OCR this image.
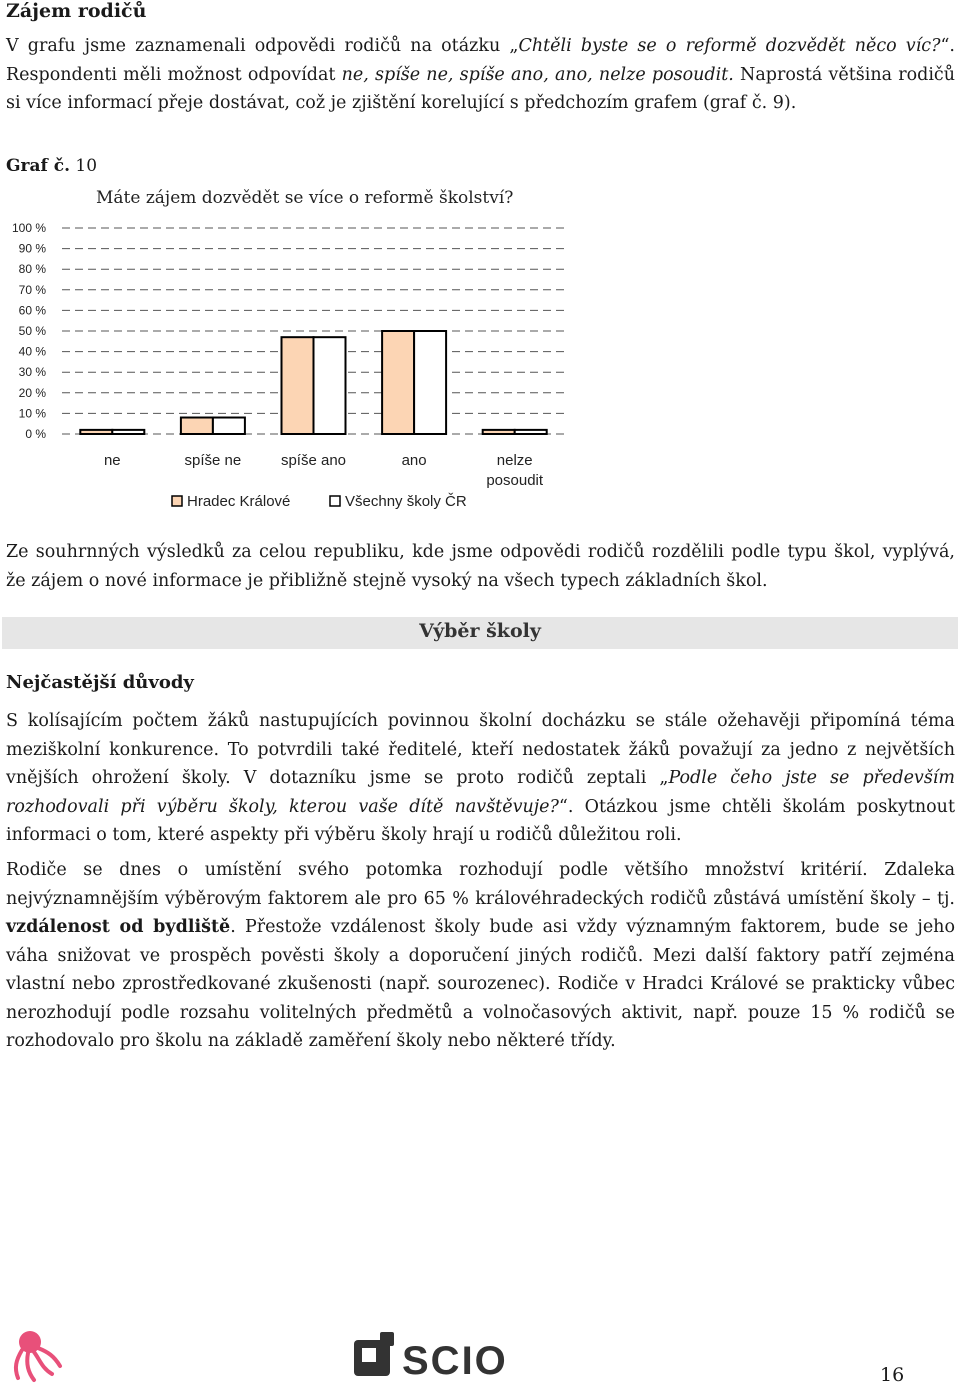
Zájem rodičů

V grafu jsme zaznamenali odpovědi rodičů na otázku „Chtěli byste se o reformě dozvědět něco víc?“. Respondenti měli možnost odpovídat ne, spíše ne, spíše ano, ano, nelze posoudit. Naprostá většina rodičů si více informací přeje dostávat, což je zjištění korelující s předchozím grafem (graf č. 9).

Graf č. 10
Máte zájem dozvědět se více o reformě školství?
0 %
10 %
20 %
30 %
40 %
50 %
60 %
70 %
80 %
90 %
100 %
ne	spíše ne	spíše ano	ano	nelze
posoudit
Hradec Králové	Všechny školy ČR

Ze souhrnných výsledků za celou republiku, kde jsme odpovědi rodičů rozdělili podle typu škol, vyplývá, že zájem o nové informace je přibližně stejně vysoký na všech typech základních škol.

Výběr školy
Nejčastější důvody

S kolísajícím počtem žáků nastupujících povinnou školní docházku se stále ožehavěji připomíná téma meziškolní konkurence. To potvrdili také ředitelé, kteří nedostatek žáků považují za jedno z největších vnějších ohrožení školy. V dotazníku jsme se proto rodičů zeptali „Podle čeho jste se především rozhodovali při výběru školy, kterou vaše dítě navštěvuje?“. Otázkou jsme chtěli školám poskytnout informaci o tom, které aspekty při výběru školy hrají u rodičů důležitou roli.

Rodiče se dnes o umístění svého potomka rozhodují podle většího množství kritérií. Zdaleka nejvýznamnějším výběrovým faktorem ale pro 65 % královéhradeckých rodičů zůstává umístění školy – tj. vzdálenost od bydliště. Přestože vzdálenost školy bude asi vždy významným faktorem, bude se jeho váha snižovat ve prospěch pověsti školy a doporučení jiných rodičů. Mezi další faktory patří zejména vlastní nebo zprostředkované zkušenosti (např. sourozenec). Rodiče v Hradci Králové se prakticky vůbec nerozhodují podle rozsahu volitelných předmětů a volnočasových aktivit, např. pouze 15 % rodičů se rozhodovalo pro školu na základě zaměření školy nebo některé třídy.

SCIO	16
